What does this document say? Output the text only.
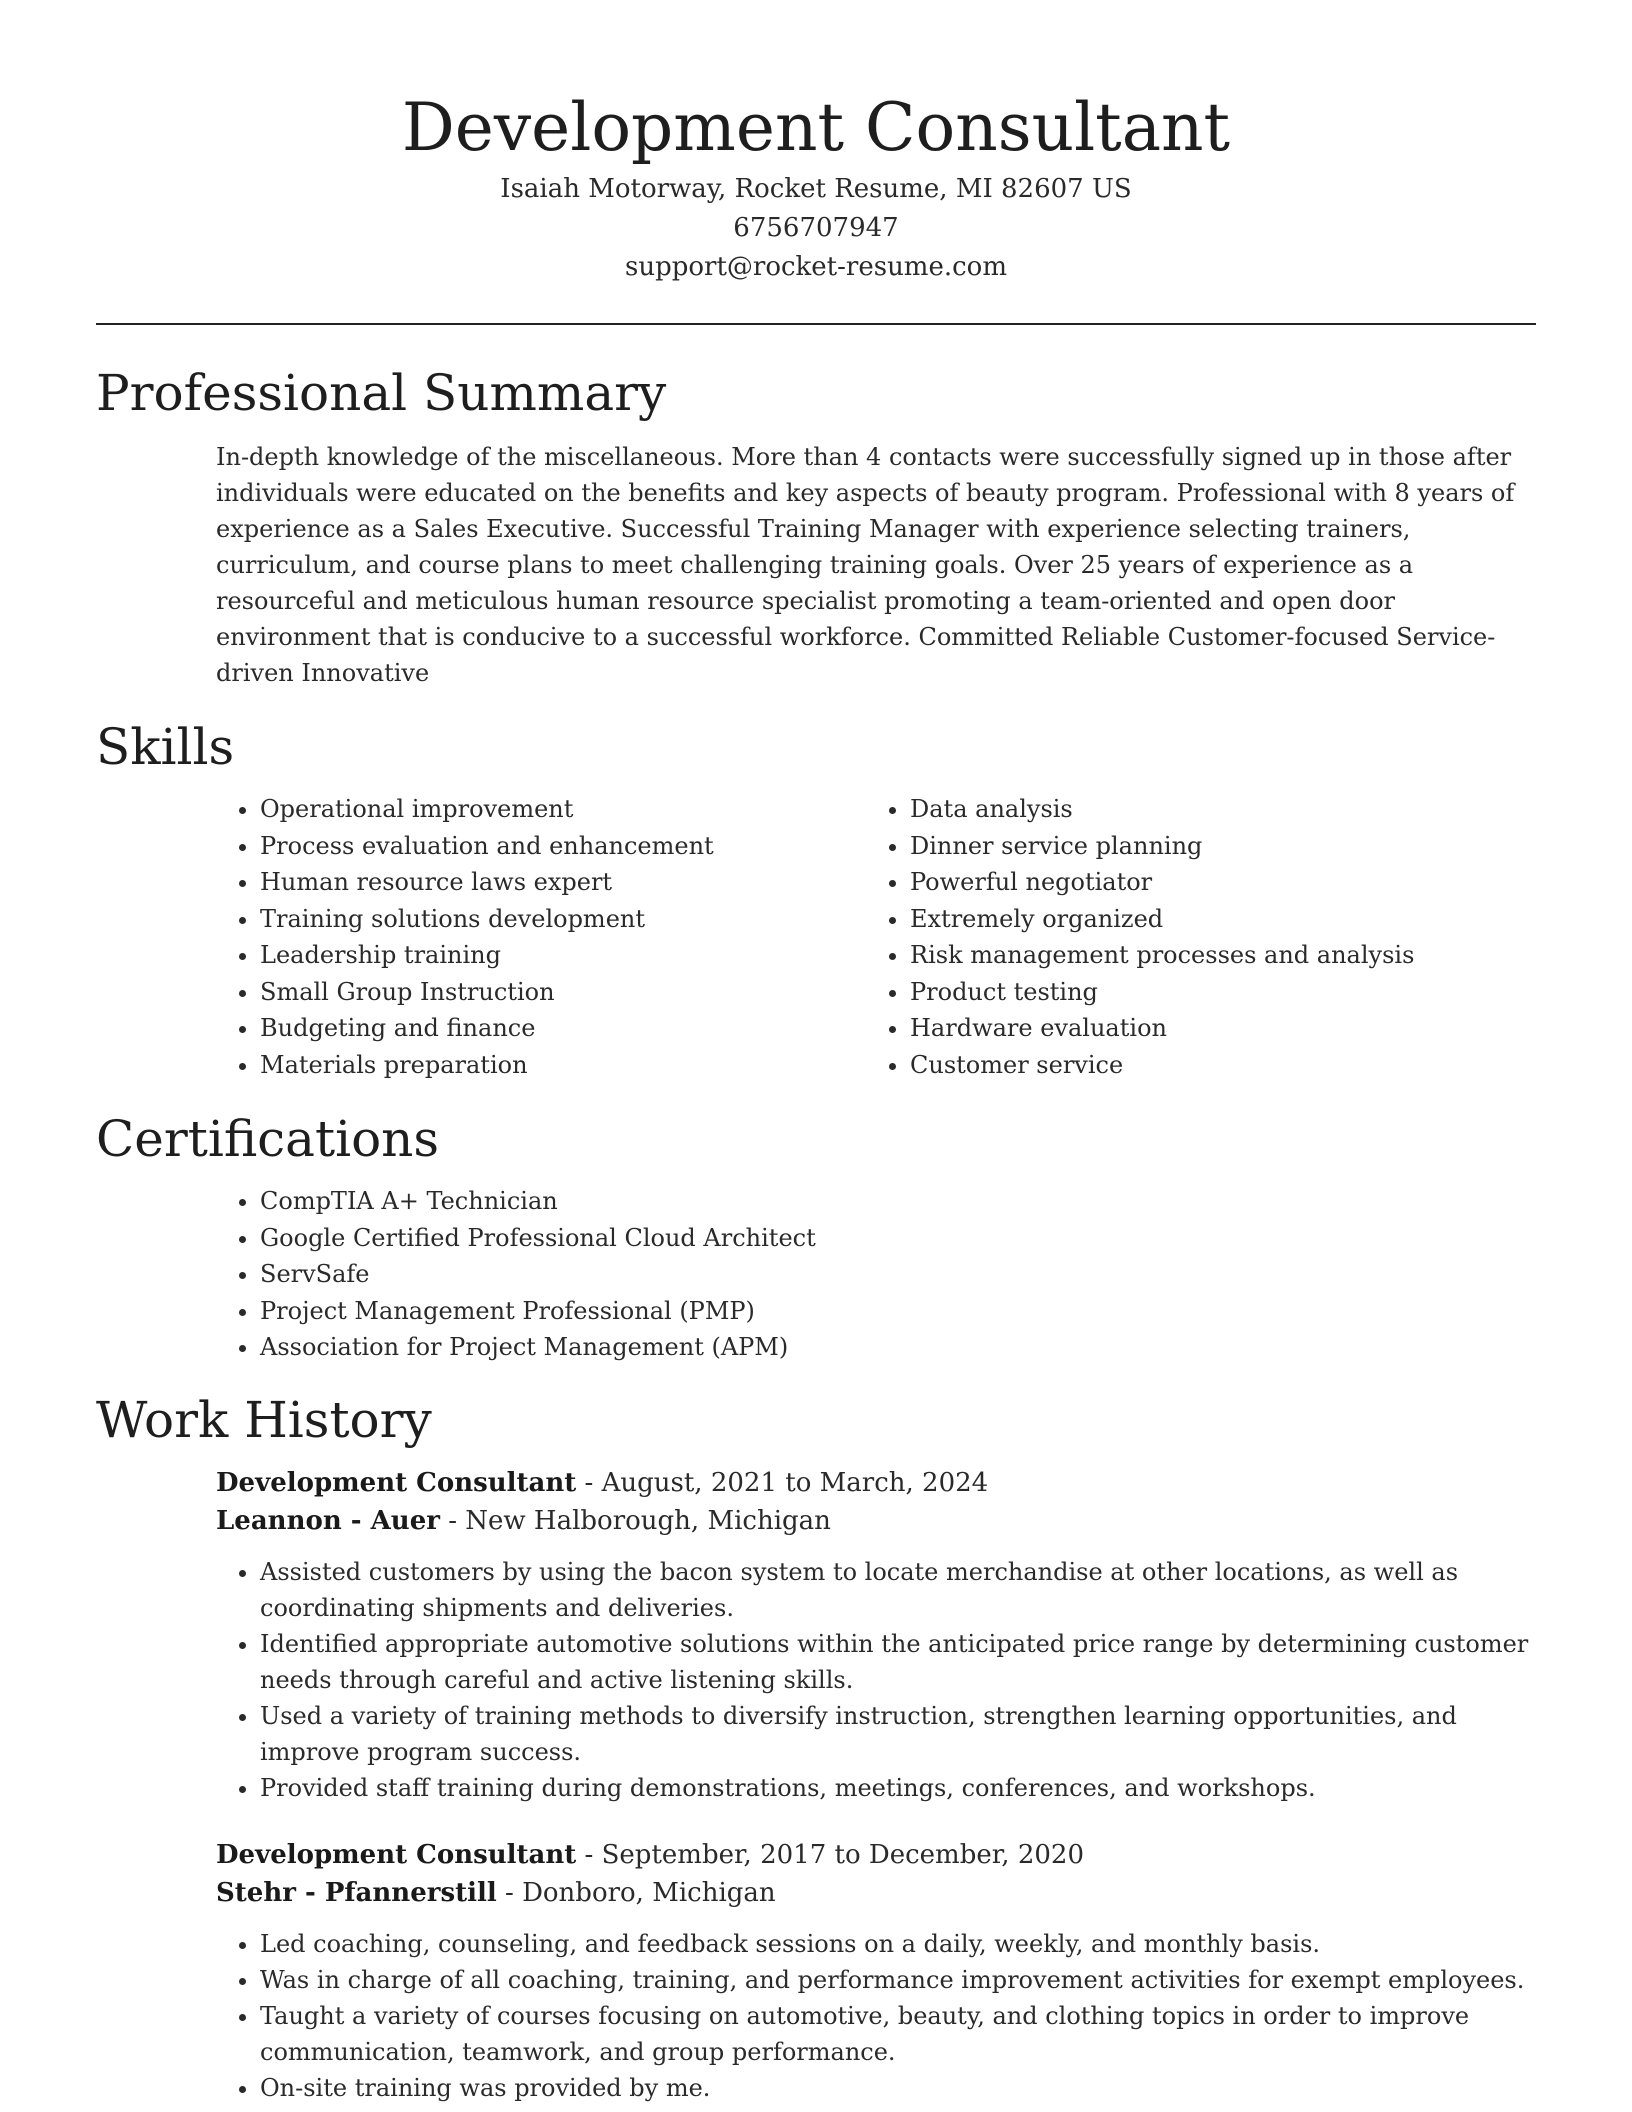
Development Consultant
Isaiah Motorway, Rocket Resume, MI 82607 US
6756707947
support@rocket-resume.com
Professional Summary
In-depth knowledge of the miscellaneous. More than 4 contacts were successfully signed up in those after individuals were educated on the benefits and key aspects of beauty program. Professional with 8 years of experience as a Sales Executive. Successful Training Manager with experience selecting trainers, curriculum, and course plans to meet challenging training goals. Over 25 years of experience as a resourceful and meticulous human resource specialist promoting a team-oriented and open door environment that is conducive to a successful workforce. Committed Reliable Customer-focused Service-driven Innovative
Skills
• Operational improvement
• Process evaluation and enhancement
• Human resource laws expert
• Training solutions development
• Leadership training
• Small Group Instruction
• Budgeting and finance
• Materials preparation
• Data analysis
• Dinner service planning
• Powerful negotiator
• Extremely organized
• Risk management processes and analysis
• Product testing
• Hardware evaluation
• Customer service
Certifications
• CompTIA A+ Technician
• Google Certified Professional Cloud Architect
• ServSafe
• Project Management Professional (PMP)
• Association for Project Management (APM)
Work History
Development Consultant - August, 2021 to March, 2024
Leannon - Auer - New Halborough, Michigan
• Assisted customers by using the bacon system to locate merchandise at other locations, as well as coordinating shipments and deliveries.
• Identified appropriate automotive solutions within the anticipated price range by determining customer needs through careful and active listening skills.
• Used a variety of training methods to diversify instruction, strengthen learning opportunities, and improve program success.
• Provided staff training during demonstrations, meetings, conferences, and workshops.
Development Consultant - September, 2017 to December, 2020
Stehr - Pfannerstill - Donboro, Michigan
• Led coaching, counseling, and feedback sessions on a daily, weekly, and monthly basis.
• Was in charge of all coaching, training, and performance improvement activities for exempt employees.
• Taught a variety of courses focusing on automotive, beauty, and clothing topics in order to improve communication, teamwork, and group performance.
• On-site training was provided by me.
